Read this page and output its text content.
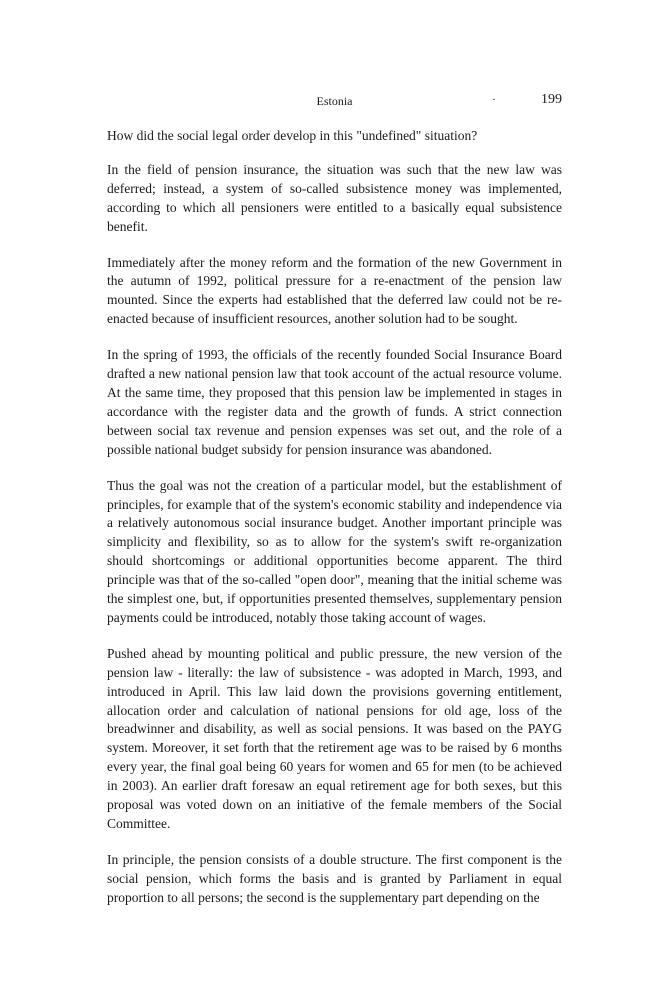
Estonia	·	199

How did the social legal order develop in this "undefined" situation?

In the field of pension insurance, the situation was such that the new law was deferred; instead, a system of so-called subsistence money was implemented, according to which all pensioners were entitled to a basically equal subsistence benefit.

Immediately after the money reform and the formation of the new Government in the autumn of 1992, political pressure for a re-enactment of the pension law mounted. Since the experts had established that the deferred law could not be re-enacted because of insufficient resources, another solution had to be sought.

In the spring of 1993, the officials of the recently founded Social Insurance Board drafted a new national pension law that took account of the actual resource volume. At the same time, they proposed that this pension law be implemented in stages in accordance with the register data and the growth of funds. A strict connection between social tax revenue and pension expenses was set out, and the role of a possible national budget subsidy for pension insurance was abandoned.

Thus the goal was not the creation of a particular model, but the establishment of principles, for example that of the system's economic stability and independence via a relatively autonomous social insurance budget. Another important principle was simplicity and flexibility, so as to allow for the system's swift re-organization should shortcomings or additional opportunities become apparent. The third principle was that of the so-called "open door", meaning that the initial scheme was the simplest one, but, if opportunities presented themselves, supplementary pension payments could be introduced, notably those taking account of wages.

Pushed ahead by mounting political and public pressure, the new version of the pension law - literally: the law of subsistence - was adopted in March, 1993, and introduced in April. This law laid down the provisions governing entitlement, allocation order and calculation of national pensions for old age, loss of the breadwinner and disability, as well as social pensions. It was based on the PAYG system. Moreover, it set forth that the retirement age was to be raised by 6 months every year, the final goal being 60 years for women and 65 for men (to be achieved in 2003). An earlier draft foresaw an equal retirement age for both sexes, but this proposal was voted down on an initiative of the female members of the Social Committee.

In principle, the pension consists of a double structure. The first component is the social pension, which forms the basis and is granted by Parliament in equal proportion to all persons; the second is the supplementary part depending on the
